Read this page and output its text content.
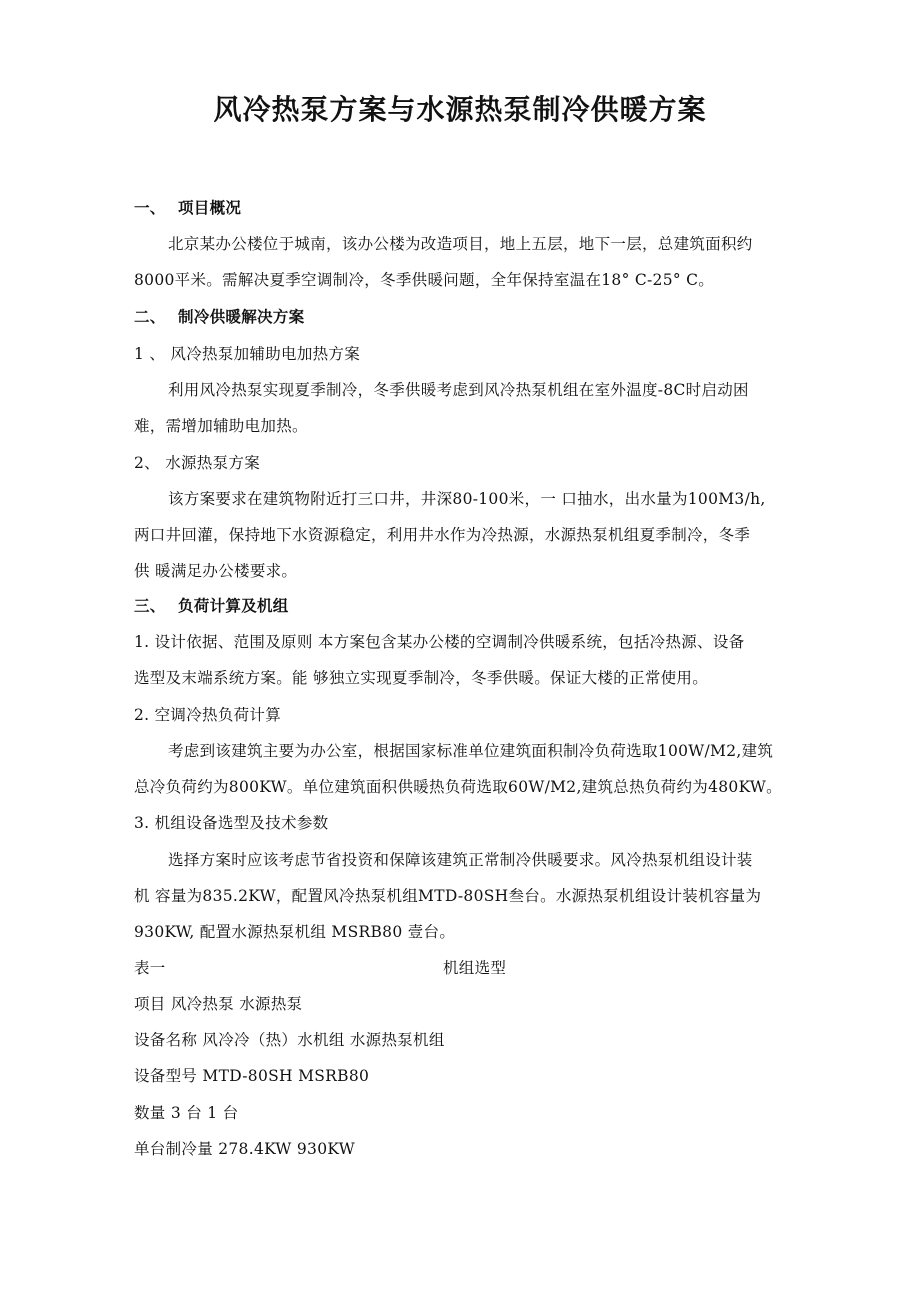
风冷热泵方案与水源热泵制冷供暖方案
一、 项目概况
北京某办公楼位于城南，该办公楼为改造项目，地上五层，地下一层，总建筑面积约
8000平米。需解决夏季空调制冷，冬季供暖问题，全年保持室温在18° C-25° C。
二、 制冷供暖解决方案
1 、 风冷热泵加辅助电加热方案
利用风冷热泵实现夏季制冷，冬季供暖考虑到风冷热泵机组在室外温度-8C时启动困
难，需增加辅助电加热。
2、 水源热泵方案
该方案要求在建筑物附近打三口井，井深80-100米，一 口抽水，出水量为100M3/h,
两口井回灌，保持地下水资源稳定，利用井水作为冷热源，水源热泵机组夏季制冷，冬季
供 暖满足办公楼要求。
三、 负荷计算及机组
1. 设计依据、范围及原则 本方案包含某办公楼的空调制冷供暖系统，包括冷热源、设备
选型及末端系统方案。能 够独立实现夏季制冷，冬季供暖。保证大楼的正常使用。
2. 空调冷热负荷计算
考虑到该建筑主要为办公室，根据国家标准单位建筑面积制冷负荷选取100W/M2,建筑
总冷负荷约为800KW。单位建筑面积供暖热负荷选取60W/M2,建筑总热负荷约为480KW。
3. 机组设备选型及技术参数
选择方案时应该考虑节省投资和保障该建筑正常制冷供暖要求。风冷热泵机组设计装
机 容量为835.2KW，配置风冷热泵机组MTD-80SH叁台。水源热泵机组设计装机容量为
930KW, 配置水源热泵机组 MSRB80 壹台。
表一	机组选型
项目 风冷热泵 水源热泵
设备名称 风冷冷（热）水机组 水源热泵机组
设备型号 MTD-80SH MSRB80
数量 3 台 1 台
单台制冷量 278.4KW 930KW
